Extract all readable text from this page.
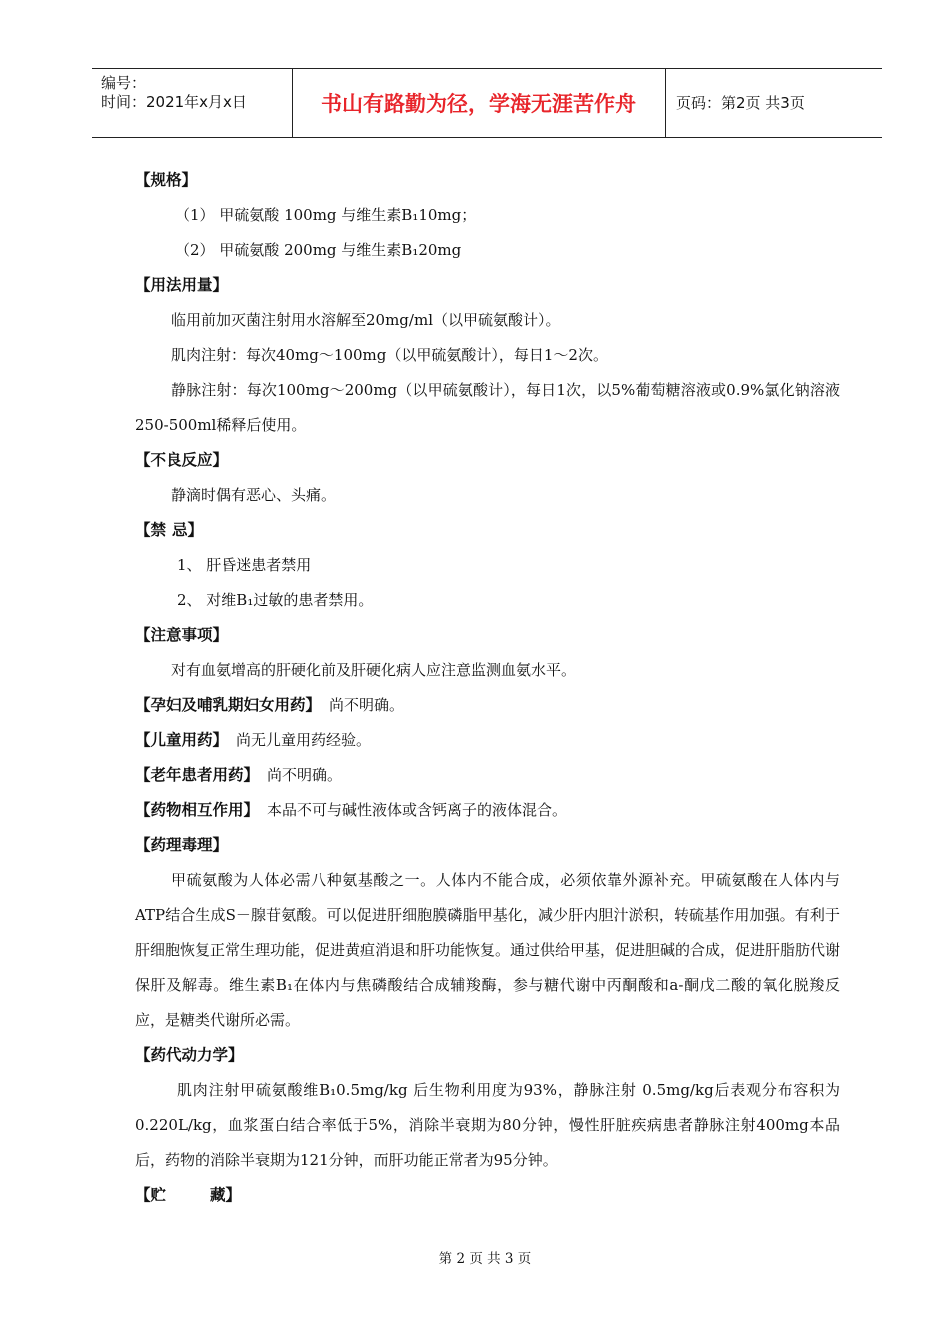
编号：
时间：2021年x月x日	书山有路勤为径，学海无涯苦作舟	页码：第2页 共3页
【规格】
（1） 甲硫氨酸 100mg 与维生素B₁10mg；
（2） 甲硫氨酸 200mg 与维生素B₁20mg
【用法用量】
临用前加灭菌注射用水溶解至20mg/ml（以甲硫氨酸计）。
肌肉注射：每次40mg～100mg（以甲硫氨酸计），每日1～2次。
静脉注射：每次100mg～200mg（以甲硫氨酸计），每日1次，以5%葡萄糖溶液或0.9%氯化钠溶液250-500ml稀释后使用。
【不良反应】
静滴时偶有恶心、头痛。
【禁 忌】
1、 肝昏迷患者禁用
2、 对维B₁过敏的患者禁用。
【注意事项】
对有血氨增高的肝硬化前及肝硬化病人应注意监测血氨水平。
【孕妇及哺乳期妇女用药】 尚不明确。
【儿童用药】 尚无儿童用药经验。
【老年患者用药】 尚不明确。
【药物相互作用】 本品不可与碱性液体或含钙离子的液体混合。
【药理毒理】
甲硫氨酸为人体必需八种氨基酸之一。人体内不能合成，必须依靠外源补充。甲硫氨酸在人体内与ATP结合生成S－腺苷氨酸。可以促进肝细胞膜磷脂甲基化，减少肝内胆汁淤积，转硫基作用加强。有利于肝细胞恢复正常生理功能，促进黄疸消退和肝功能恢复。通过供给甲基，促进胆碱的合成，促进肝脂肪代谢保肝及解毒。维生素B₁在体内与焦磷酸结合成辅羧酶，参与糖代谢中丙酮酸和a-酮戊二酸的氧化脱羧反应，是糖类代谢所必需。
【药代动力学】
肌肉注射甲硫氨酸维B₁0.5mg/kg 后生物利用度为93%，静脉注射 0.5mg/kg后表观分布容积为0.220L/kg，血浆蛋白结合率低于5%，消除半衰期为80分钟，慢性肝脏疾病患者静脉注射400mg本品后，药物的消除半衰期为121分钟，而肝功能正常者为95分钟。
【贮	藏】
第 2 页 共 3 页
